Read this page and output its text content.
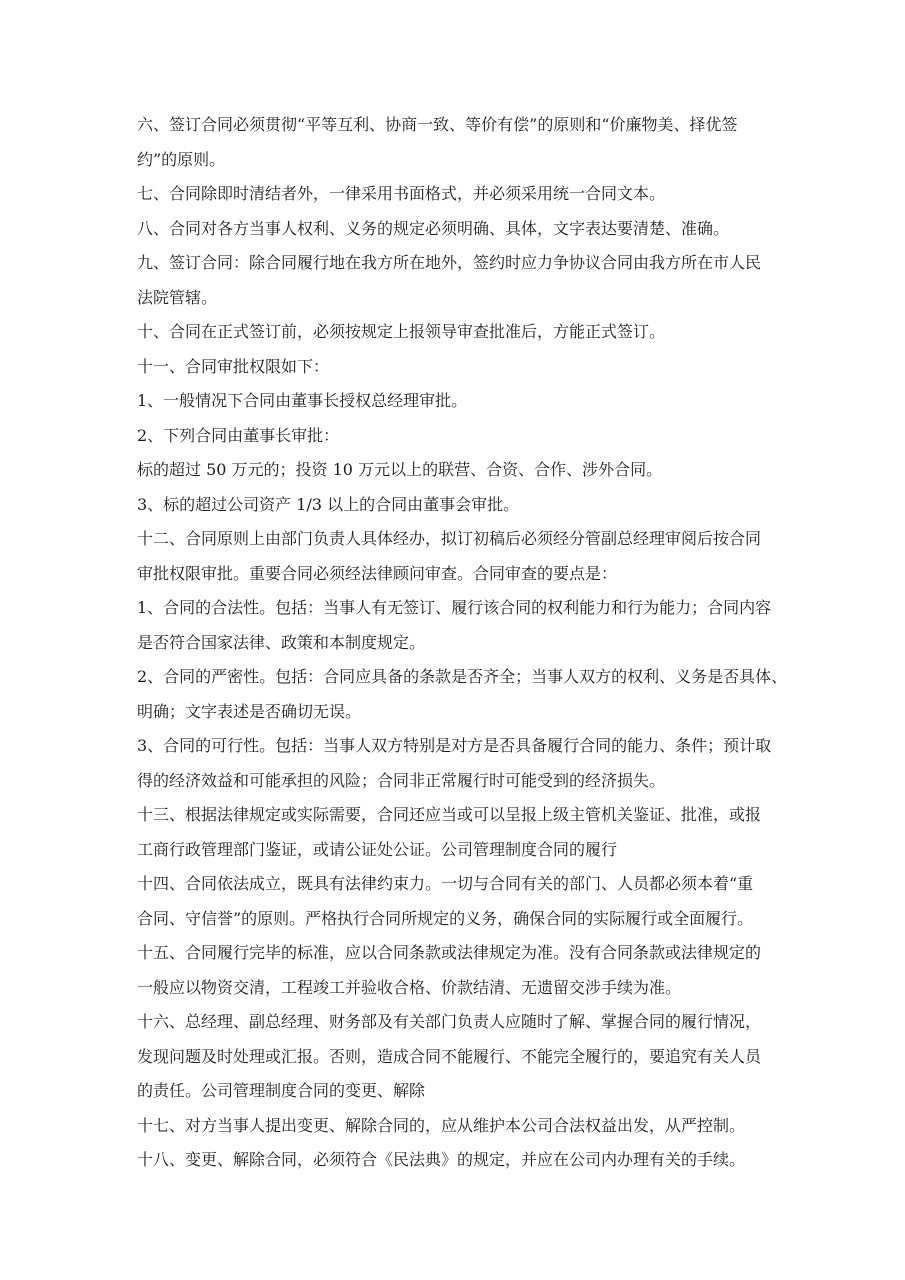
六、签订合同必须贯彻“平等互利、协商一致、等价有偿”的原则和“价廉物美、择优签
约”的原则。
七、合同除即时清结者外，一律采用书面格式，并必须采用统一合同文本。
八、合同对各方当事人权利、义务的规定必须明确、具体，文字表达要清楚、准确。
九、签订合同：除合同履行地在我方所在地外，签约时应力争协议合同由我方所在市人民
法院管辖。
十、合同在正式签订前，必须按规定上报领导审查批准后，方能正式签订。
十一、合同审批权限如下：
1、一般情况下合同由董事长授权总经理审批。
2、下列合同由董事长审批：
标的超过 50 万元的；投资 10 万元以上的联营、合资、合作、涉外合同。
3、标的超过公司资产 1/3 以上的合同由董事会审批。
十二、合同原则上由部门负责人具体经办，拟订初稿后必须经分管副总经理审阅后按合同
审批权限审批。重要合同必须经法律顾问审查。合同审查的要点是：
1、合同的合法性。包括：当事人有无签订、履行该合同的权利能力和行为能力；合同内容
是否符合国家法律、政策和本制度规定。
2、合同的严密性。包括：合同应具备的条款是否齐全；当事人双方的权利、义务是否具体、
明确；文字表述是否确切无误。
3、合同的可行性。包括：当事人双方特别是对方是否具备履行合同的能力、条件；预计取
得的经济效益和可能承担的风险；合同非正常履行时可能受到的经济损失。
十三、根据法律规定或实际需要，合同还应当或可以呈报上级主管机关鉴证、批准，或报
工商行政管理部门鉴证，或请公证处公证。公司管理制度合同的履行
十四、合同依法成立，既具有法律约束力。一切与合同有关的部门、人员都必须本着“重
合同、守信誉”的原则。严格执行合同所规定的义务，确保合同的实际履行或全面履行。
十五、合同履行完毕的标准，应以合同条款或法律规定为准。没有合同条款或法律规定的
一般应以物资交清，工程竣工并验收合格、价款结清、无遗留交涉手续为准。
十六、总经理、副总经理、财务部及有关部门负责人应随时了解、掌握合同的履行情况，
发现问题及时处理或汇报。否则，造成合同不能履行、不能完全履行的，要追究有关人员
的责任。公司管理制度合同的变更、解除
十七、对方当事人提出变更、解除合同的，应从维护本公司合法权益出发，从严控制。
十八、变更、解除合同，必须符合《民法典》的规定，并应在公司内办理有关的手续。
